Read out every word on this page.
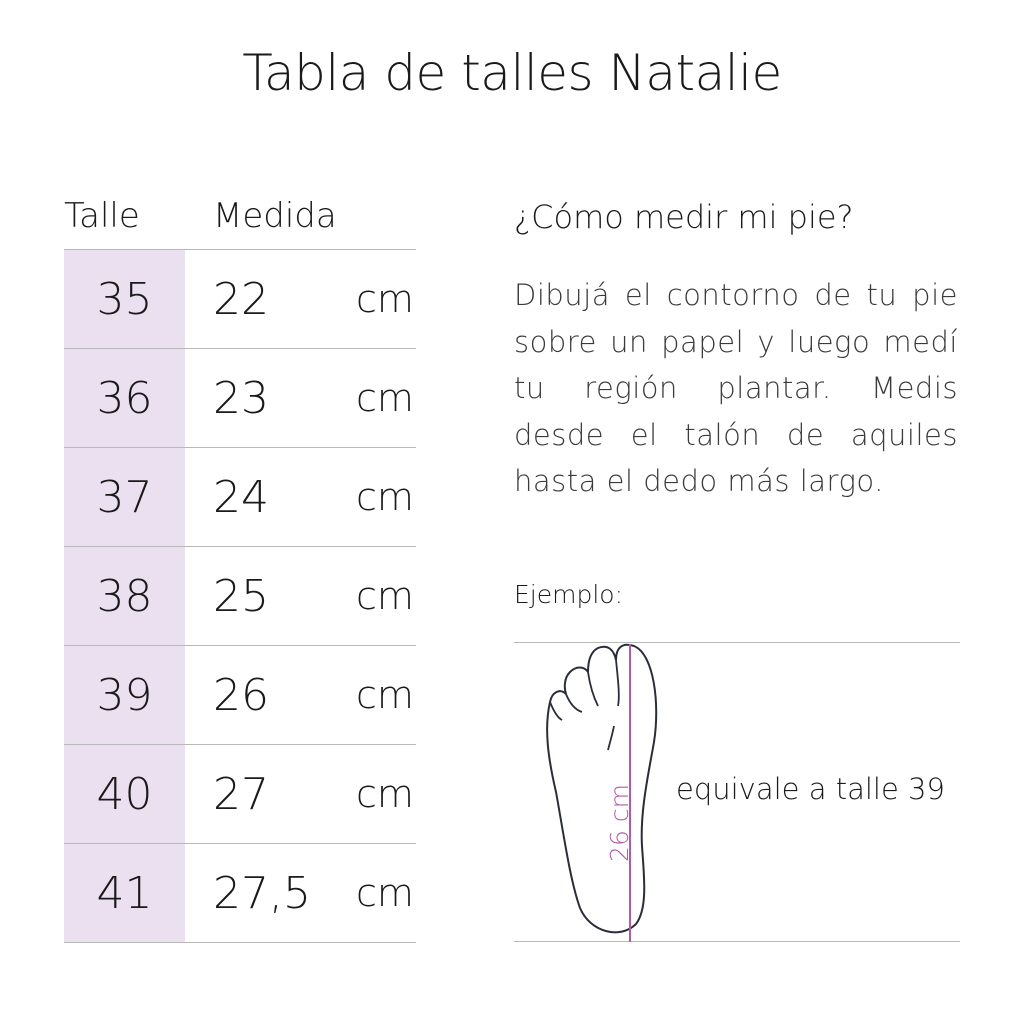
Tabla de talles Natalie
Talle Medida
35	22 cm
36	23 cm
37	24 cm
38	25 cm
39	26 cm
40	27 cm
41	27,5 cm
¿Cómo medir mi pie?
Dibujá el contorno de tu pie sobre un papel y luego medí tu región plantar. Medis desde el talón de aquiles hasta el dedo más largo.
Ejemplo:
26 cm equivale a talle 39
